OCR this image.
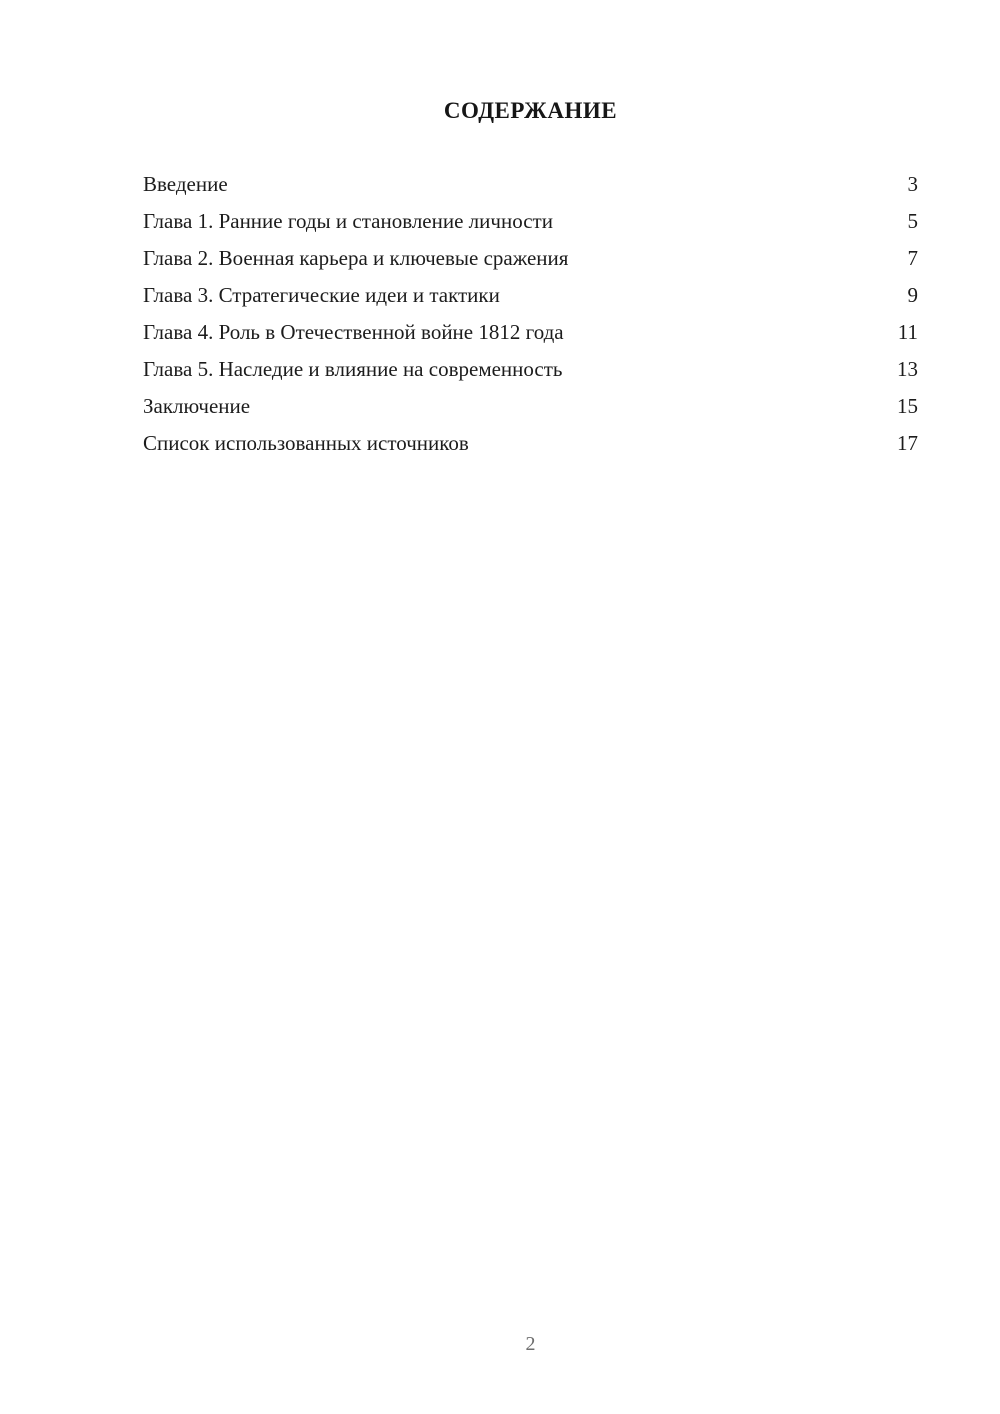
СОДЕРЖАНИЕ
Введение	3
Глава 1. Ранние годы и становление личности	5
Глава 2. Военная карьера и ключевые сражения	7
Глава 3. Стратегические идеи и тактики	9
Глава 4. Роль в Отечественной войне 1812 года	11
Глава 5. Наследие и влияние на современность	13
Заключение	15
Список использованных источников	17
2
